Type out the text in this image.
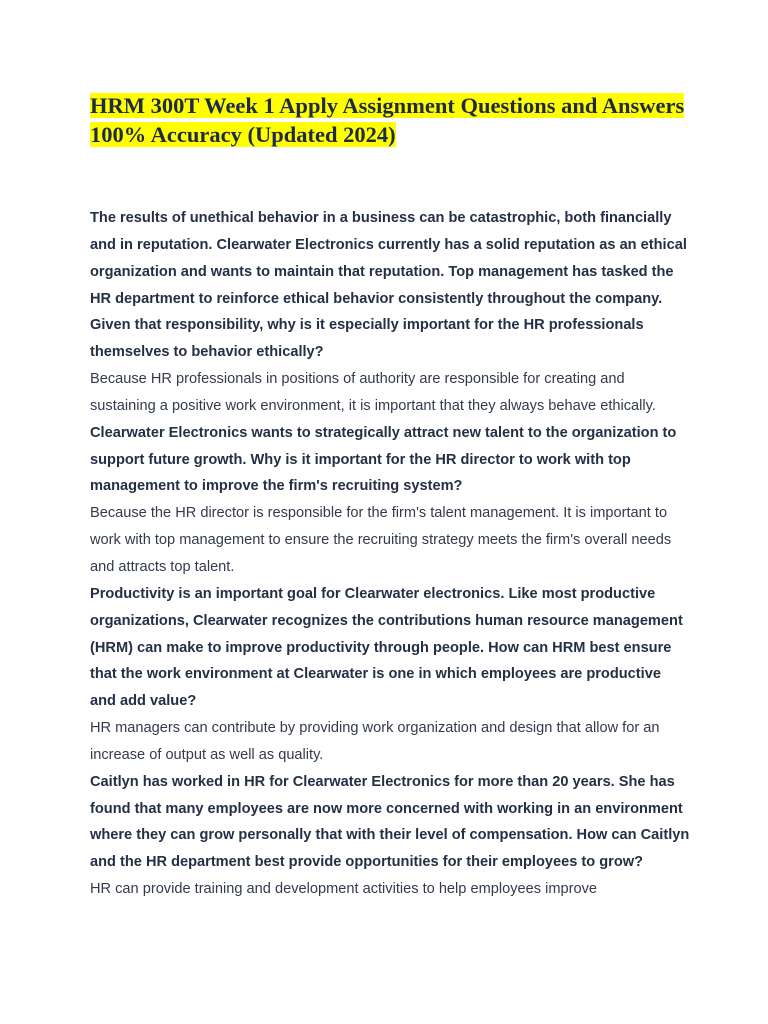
HRM 300T Week 1 Apply Assignment Questions and Answers 100% Accuracy (Updated 2024)

The results of unethical behavior in a business can be catastrophic, both financially and in reputation. Clearwater Electronics currently has a solid reputation as an ethical organization and wants to maintain that reputation. Top management has tasked the HR department to reinforce ethical behavior consistently throughout the company. Given that responsibility, why is it especially important for the HR professionals themselves to behavior ethically?

Because HR professionals in positions of authority are responsible for creating and sustaining a positive work environment, it is important that they always behave ethically.

Clearwater Electronics wants to strategically attract new talent to the organization to support future growth. Why is it important for the HR director to work with top management to improve the firm's recruiting system?

Because the HR director is responsible for the firm's talent management. It is important to work with top management to ensure the recruiting strategy meets the firm's overall needs and attracts top talent.

Productivity is an important goal for Clearwater electronics. Like most productive organizations, Clearwater recognizes the contributions human resource management (HRM) can make to improve productivity through people. How can HRM best ensure that the work environment at Clearwater is one in which employees are productive and add value?

HR managers can contribute by providing work organization and design that allow for an increase of output as well as quality.

Caitlyn has worked in HR for Clearwater Electronics for more than 20 years. She has found that many employees are now more concerned with working in an environment where they can grow personally that with their level of compensation. How can Caitlyn and the HR department best provide opportunities for their employees to grow?

HR can provide training and development activities to help employees improve
